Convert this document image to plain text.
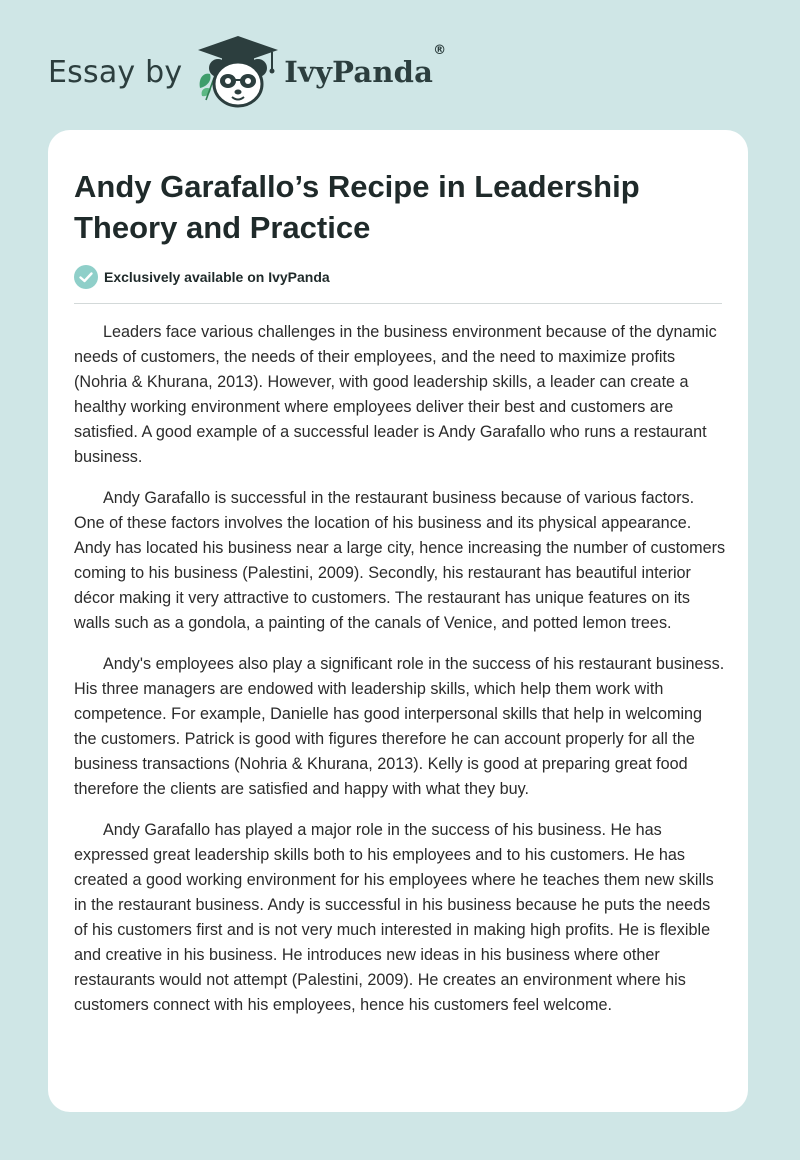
Essay by	IvyPanda®
Andy Garafallo’s Recipe in Leadership Theory and Practice
Exclusively available on IvyPanda

Leaders face various challenges in the business environment because of the dynamic needs of customers, the needs of their employees, and the need to maximize profits (Nohria & Khurana, 2013). However, with good leadership skills, a leader can create a healthy working environment where employees deliver their best and customers are satisfied. A good example of a successful leader is Andy Garafallo who runs a restaurant business.

Andy Garafallo is successful in the restaurant business because of various factors. One of these factors involves the location of his business and its physical appearance. Andy has located his business near a large city, hence increasing the number of customers coming to his business (Palestini, 2009). Secondly, his restaurant has beautiful interior décor making it very attractive to customers. The restaurant has unique features on its walls such as a gondola, a painting of the canals of Venice, and potted lemon trees.

Andy's employees also play a significant role in the success of his restaurant business. His three managers are endowed with leadership skills, which help them work with competence. For example, Danielle has good interpersonal skills that help in welcoming the customers. Patrick is good with figures therefore he can account properly for all the business transactions (Nohria & Khurana, 2013). Kelly is good at preparing great food therefore the clients are satisfied and happy with what they buy.

Andy Garafallo has played a major role in the success of his business. He has expressed great leadership skills both to his employees and to his customers. He has created a good working environment for his employees where he teaches them new skills in the restaurant business. Andy is successful in his business because he puts the needs of his customers first and is not very much interested in making high profits. He is flexible and creative in his business. He introduces new ideas in his business where other restaurants would not attempt (Palestini, 2009). He creates an environment where his customers connect with his employees, hence his customers feel welcome.
